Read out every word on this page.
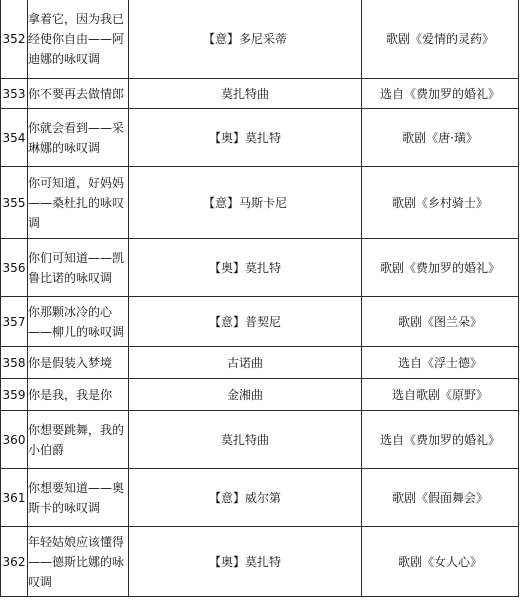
352	拿着它，因为我已经使你自由——阿迪娜的咏叹调	【意】多尼采蒂	歌剧《爱情的灵药》
353	你不要再去做情郎	莫扎特曲	选自《费加罗的婚礼》
354	你就会看到——采琳娜的咏叹调	【奥】莫扎特	歌剧《唐·璜》
355	你可知道，好妈妈——桑杜扎的咏叹调	【意】马斯卡尼	歌剧《乡村骑士》
356	你们可知道——凯鲁比诺的咏叹调	【奥】莫扎特	歌剧《费加罗的婚礼》
357	你那颗冰冷的心——柳儿的咏叹调	【意】普契尼	歌剧《图兰朵》
358	你是假装入梦境	古诺曲	选自《浮士德》
359	你是我，我是你	金湘曲	选自歌剧《原野》
360	你想要跳舞，我的小伯爵	莫扎特曲	选自《费加罗的婚礼》
361	你想要知道——奥斯卡的咏叹调	【意】威尔第	歌剧《假面舞会》
362	年轻姑娘应该懂得——德斯比娜的咏叹调	【奥】莫扎特	歌剧《女人心》
